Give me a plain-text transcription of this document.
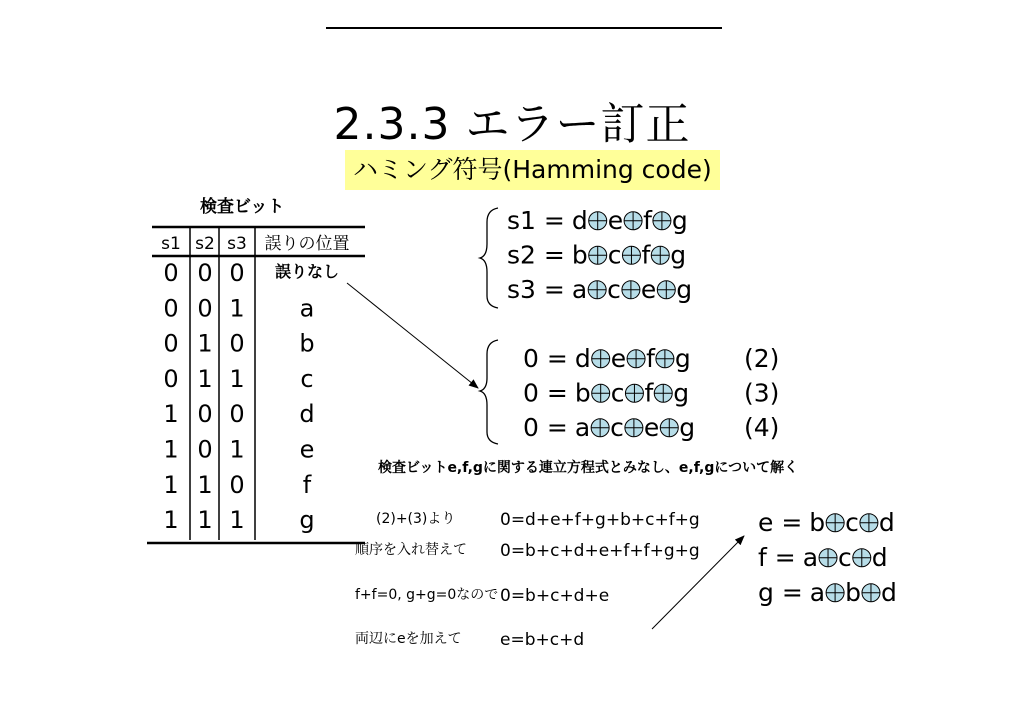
2.3.3 エラー訂正
ハミング符号(Hamming code)
検査ビット
s1 s2 s3 誤りの位置
0 0 0 誤りなし
0 0 1 a
0 1 0 b
0 1 1 c
1 0 0 d
1 0 1 e
1 1 0 f
1 1 1 g
s1 = d e f g
s2 = b c f g
s3 = a c e g
0 = d e f g (2)
0 = b c f g (3)
0 = a c e g (4)
e = b c d
f = a c d
g = a b d
検査ビットe,f,gに関する連立方程式とみなし、e,f,gについて解く
(2)+(3)より	0=d+e+f+g+b+c+f+g
順序を入れ替えて 0=b+c+d+e+f+f+g+g
f+f=0, g+g=0なので 0=b+c+d+e
両辺にeを加えて e=b+c+d
